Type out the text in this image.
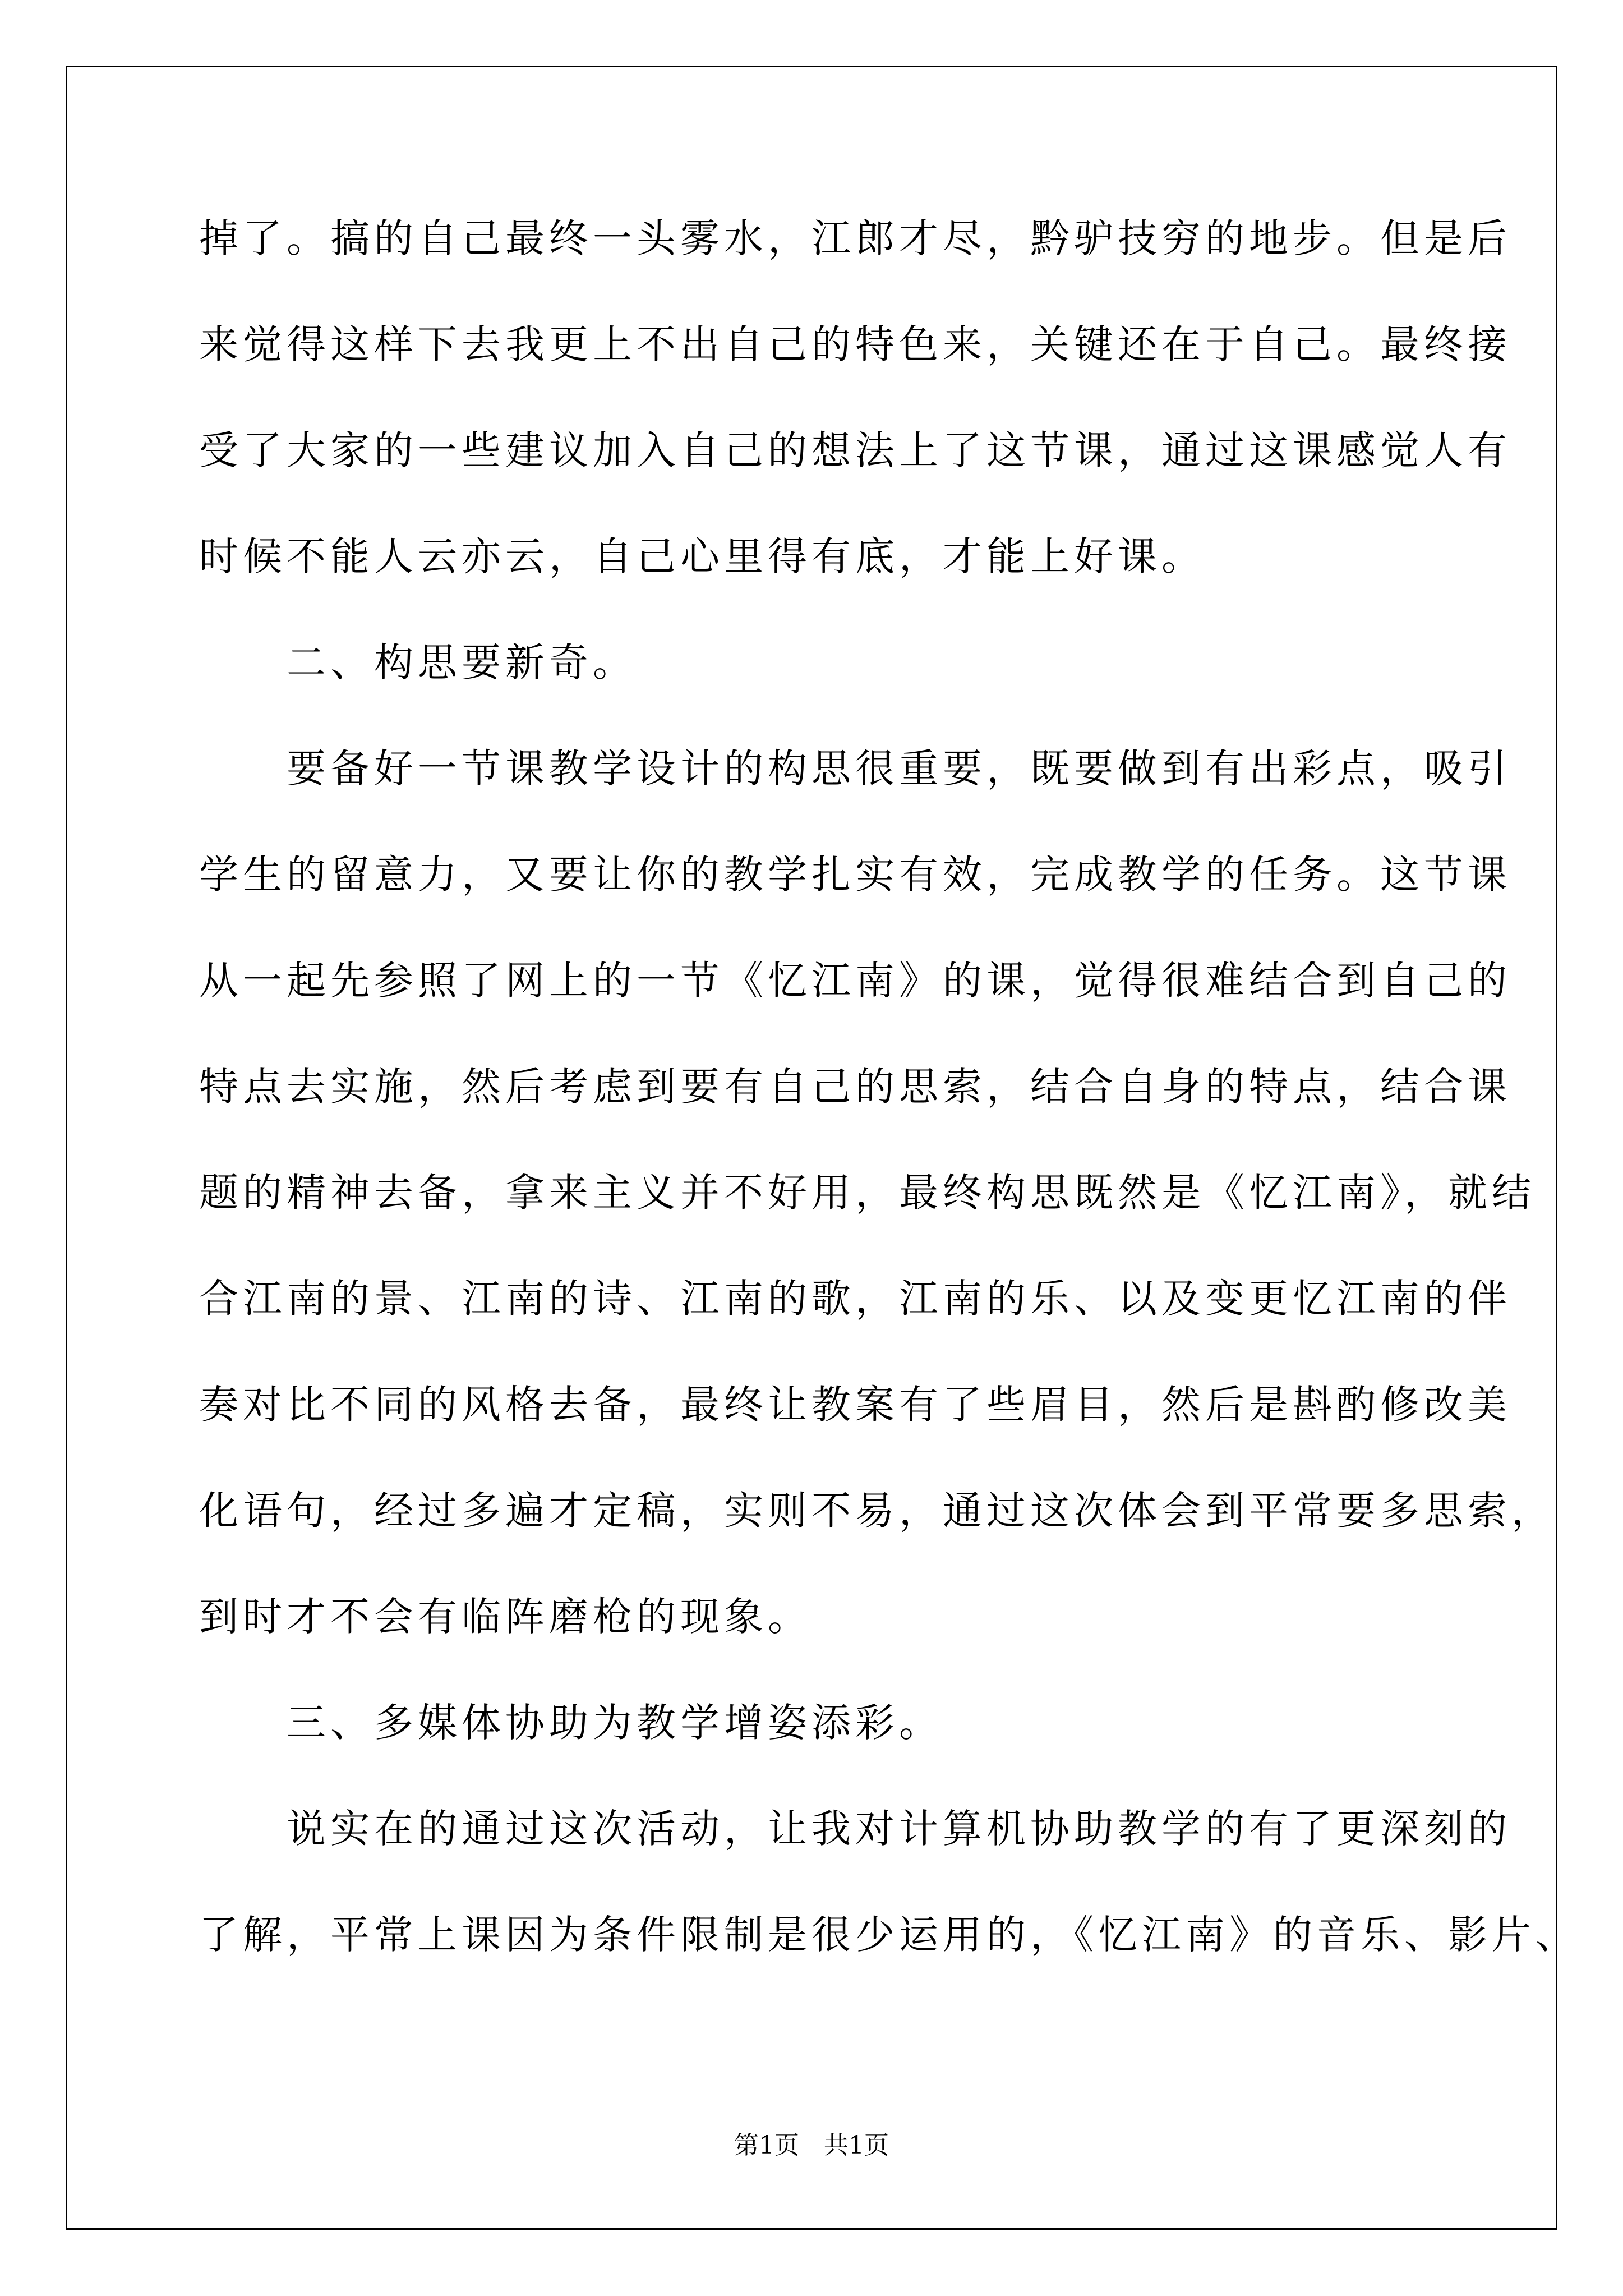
掉了。搞的自己最终一头雾水，江郎才尽，黔驴技穷的地步。但是后
来觉得这样下去我更上不出自己的特色来，关键还在于自己。最终接
受了大家的一些建议加入自己的想法上了这节课，通过这课感觉人有
时候不能人云亦云，自己心里得有底，才能上好课。
　　二、构思要新奇。
　　要备好一节课教学设计的构思很重要，既要做到有出彩点，吸引
学生的留意力，又要让你的教学扎实有效，完成教学的任务。这节课
从一起先参照了网上的一节《忆江南》的课，觉得很难结合到自己的
特点去实施，然后考虑到要有自己的思索，结合自身的特点，结合课
题的精神去备，拿来主义并不好用，最终构思既然是《忆江南》，就结
合江南的景、江南的诗、江南的歌，江南的乐、以及变更忆江南的伴
奏对比不同的风格去备，最终让教案有了些眉目，然后是斟酌修改美
化语句，经过多遍才定稿，实则不易，通过这次体会到平常要多思索，
到时才不会有临阵磨枪的现象。
　　三、多媒体协助为教学增姿添彩。
　　说实在的通过这次活动，让我对计算机协助教学的有了更深刻的
了解，平常上课因为条件限制是很少运用的，《忆江南》的音乐、影片、
第1页　共1页
